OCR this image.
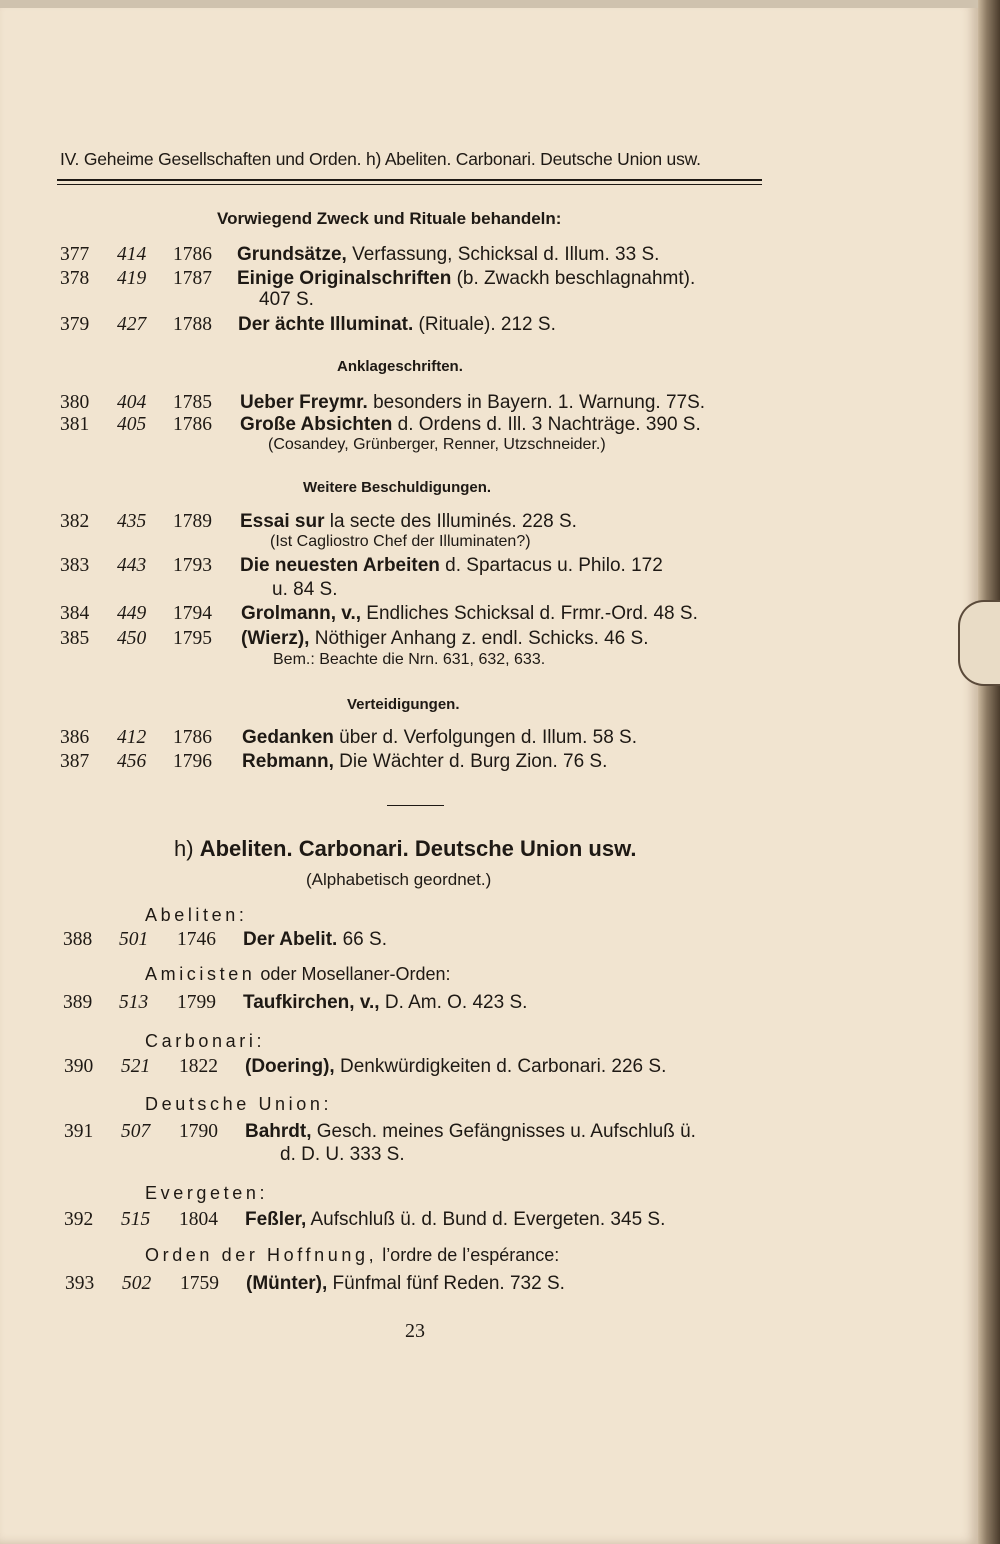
IV. Geheime Gesellschaften und Orden. h) Abeliten. Carbonari. Deutsche Union usw.
Vorwiegend Zweck und Rituale behandeln:
377 414 1786 Grundsätze, Verfassung, Schicksal d. Illum. 33 S.
378 419 1787 Einige Originalschriften (b. Zwackh beschlagnahmt).
407 S.
379 427 1788 Der ächte Illuminat. (Rituale). 212 S.
Anklageschriften.
380 404 1785 Ueber Freymr. besonders in Bayern. 1. Warnung. 77S.
381 405 1786 Große Absichten d. Ordens d. Ill. 3 Nachträge. 390 S.
(Cosandey, Grünberger, Renner, Utzschneider.)
Weitere Beschuldigungen.
382 435 1789 Essai sur la secte des Illuminés. 228 S.
(Ist Cagliostro Chef der Illuminaten?)
383 443 1793 Die neuesten Arbeiten d. Spartacus u. Philo. 172
u. 84 S.
384 449 1794 Grolmann, v., Endliches Schicksal d. Frmr.-Ord. 48 S.
385 450 1795 (Wierz), Nöthiger Anhang z. endl. Schicks. 46 S.
Bem.: Beachte die Nrn. 631, 632, 633.
Verteidigungen.
386 412 1786 Gedanken über d. Verfolgungen d. Illum. 58 S.
387 456 1796 Rebmann, Die Wächter d. Burg Zion. 76 S.
h) Abeliten. Carbonari. Deutsche Union usw.
(Alphabetisch geordnet.)
Abeliten:
388 501 1746 Der Abelit. 66 S.
Amicisten oder Mosellaner-Orden:
389 513 1799 Taufkirchen, v., D. Am. O. 423 S.
Carbonari:
390 521 1822 (Doering), Denkwürdigkeiten d. Carbonari. 226 S.
Deutsche Union:
391 507 1790 Bahrdt, Gesch. meines Gefängnisses u. Aufschluß ü.
d. D. U. 333 S.
Evergeten:
392 515 1804 Feßler, Aufschluß ü. d. Bund d. Evergeten. 345 S.
Orden der Hoffnung, l’ordre de l’espérance:
393 502 1759 (Münter), Fünfmal fünf Reden. 732 S.
23
